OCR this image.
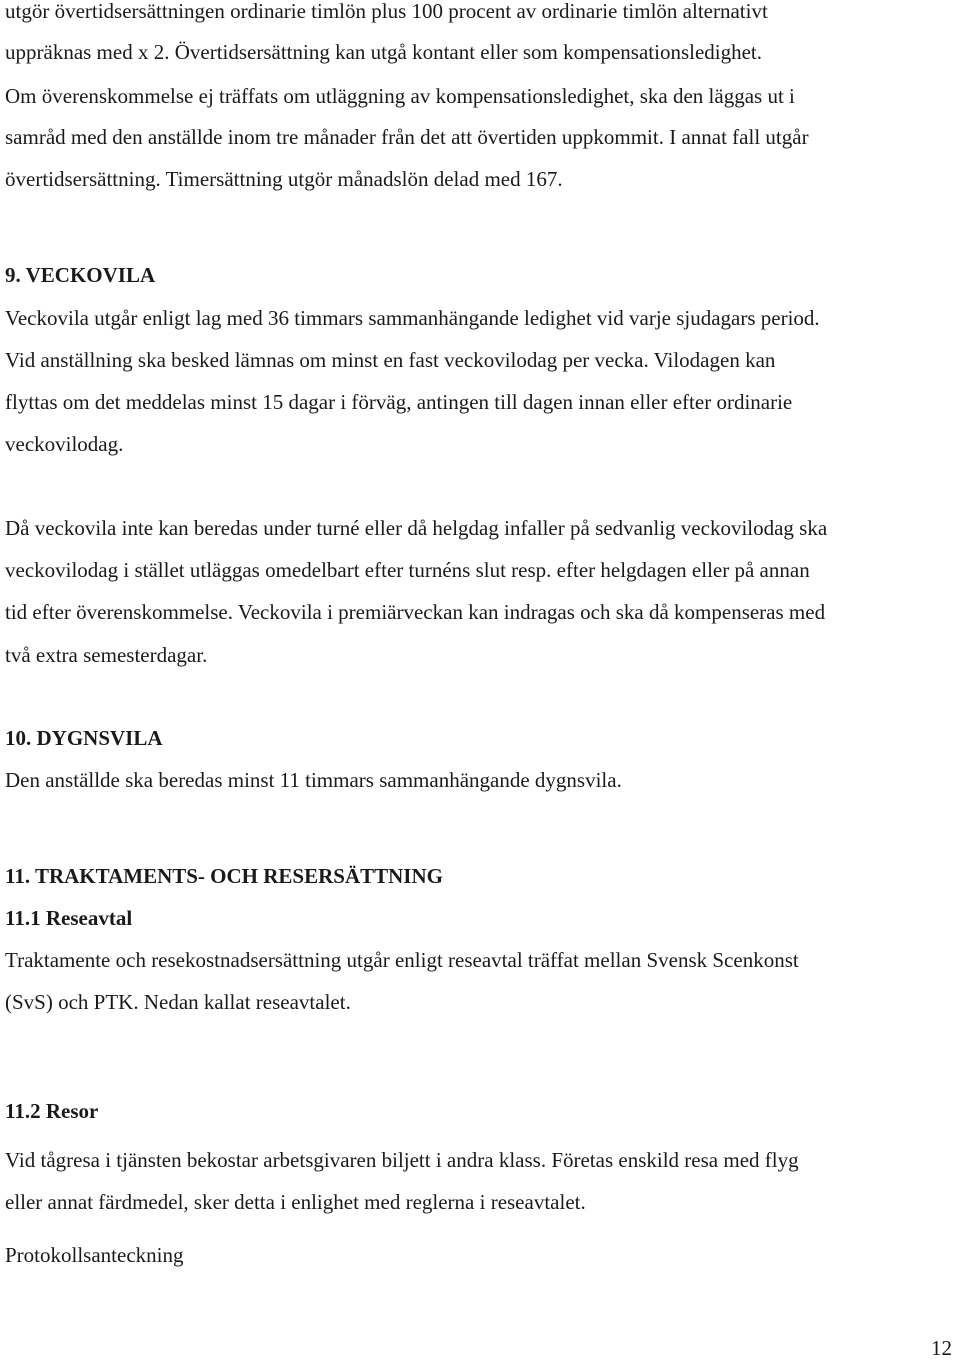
utgör övertidsersättningen ordinarie timlön plus 100 procent av ordinarie timlön alternativt
uppräknas med x 2. Övertidsersättning kan utgå kontant eller som kompensationsledighet.
Om överenskommelse ej träffats om utläggning av kompensationsledighet, ska den läggas ut i
samråd med den anställde inom tre månader från det att övertiden uppkommit. I annat fall utgår
övertidsersättning. Timersättning utgör månadslön delad med 167.
9. VECKOVILA
Veckovila utgår enligt lag med 36 timmars sammanhängande ledighet vid varje sjudagars period.
Vid anställning ska besked lämnas om minst en fast veckovilodag per vecka. Vilodagen kan
flyttas om det meddelas minst 15 dagar i förväg, antingen till dagen innan eller efter ordinarie
veckovilodag.
Då veckovila inte kan beredas under turné eller då helgdag infaller på sedvanlig veckovilodag ska
veckovilodag i stället utläggas omedelbart efter turnéns slut resp. efter helgdagen eller på annan
tid efter överenskommelse. Veckovila i premiärveckan kan indragas och ska då kompenseras med
två extra semesterdagar.
10. DYGNSVILA
Den anställde ska beredas minst 11 timmars sammanhängande dygnsvila.
11. TRAKTAMENTS- OCH RESERSÄTTNING
11.1 Reseavtal
Traktamente och resekostnadsersättning utgår enligt reseavtal träffat mellan Svensk Scenkonst
(SvS) och PTK. Nedan kallat reseavtalet.
11.2 Resor
Vid tågresa i tjänsten bekostar arbetsgivaren biljett i andra klass. Företas enskild resa med flyg
eller annat färdmedel, sker detta i enlighet med reglerna i reseavtalet.
Protokollsanteckning
12
